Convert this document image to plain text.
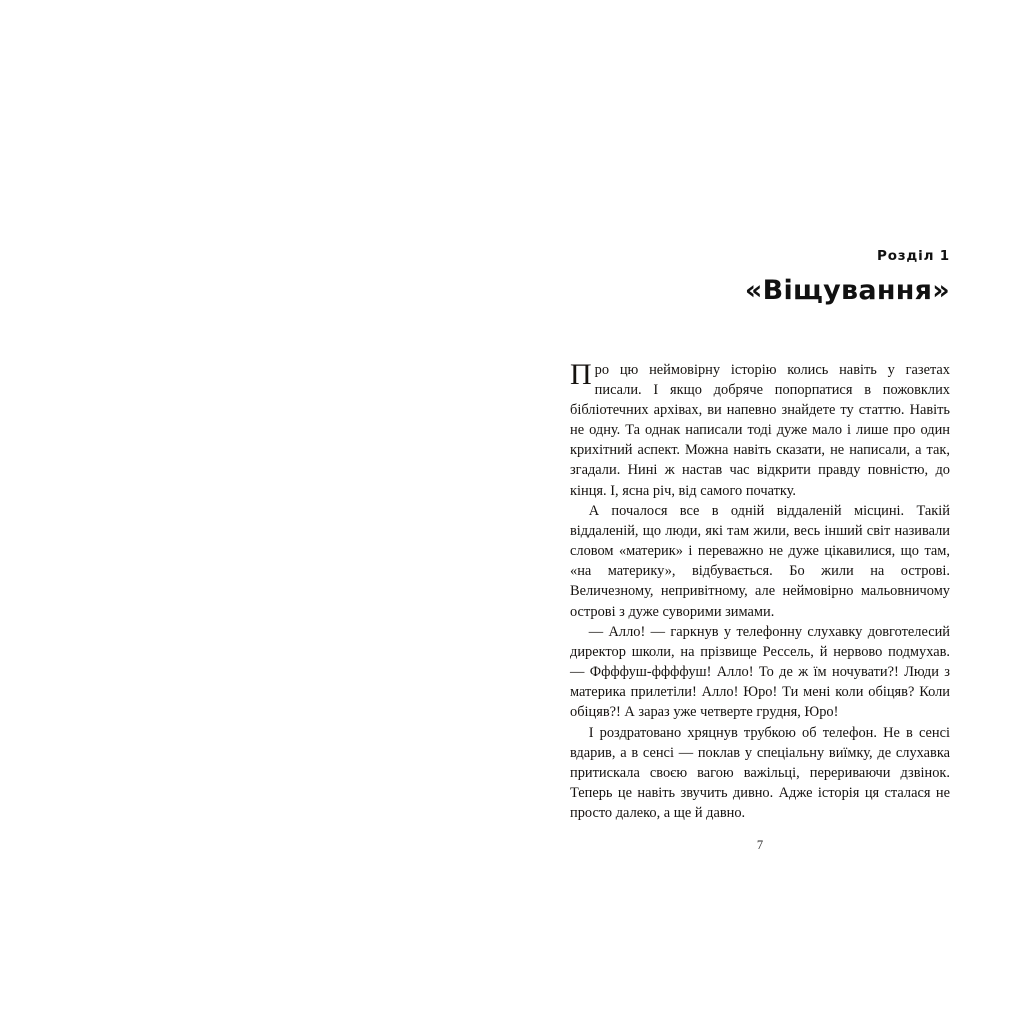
Розділ 1
«Віщування»

Про цю неймовірну історію колись навіть у газетах писали. І якщо добряче попорпатися в пожовклих бібліотечних архівах, ви напевно знайдете ту статтю. Навіть не одну. Та однак написали тоді дуже мало і лише про один крихітний аспект. Можна навіть сказати, не написали, а так, згадали. Нині ж настав час відкрити правду повністю, до кінця. І, ясна річ, від самого початку.

А почалося все в одній віддаленій місцині. Такій віддаленій, що люди, які там жили, весь інший світ називали словом «материк» і переважно не дуже цікавилися, що там, «на материку», відбувається. Бо жили на острові. Величезному, непривітному, але неймовірно мальовничому острові з дуже суворими зимами.

— Алло! — гаркнув у телефонну слухавку довготелесий директор школи, на прізвище Рессель, й нервово подмухав. — Ффффуш-ффффуш! Алло! То де ж їм ночувати?! Люди з материка прилетіли! Алло! Юро! Ти мені коли обіцяв? Коли обіцяв?! А зараз уже четверте грудня, Юро!

І роздратовано хряцнув трубкою об телефон. Не в сенсі вдарив, а в сенсі — поклав у спеціальну виїмку, де слухавка притискала своєю вагою важільці, перериваючи дзвінок. Теперь це навіть звучить дивно. Адже історія ця сталася не просто далеко, а ще й давно.

7
